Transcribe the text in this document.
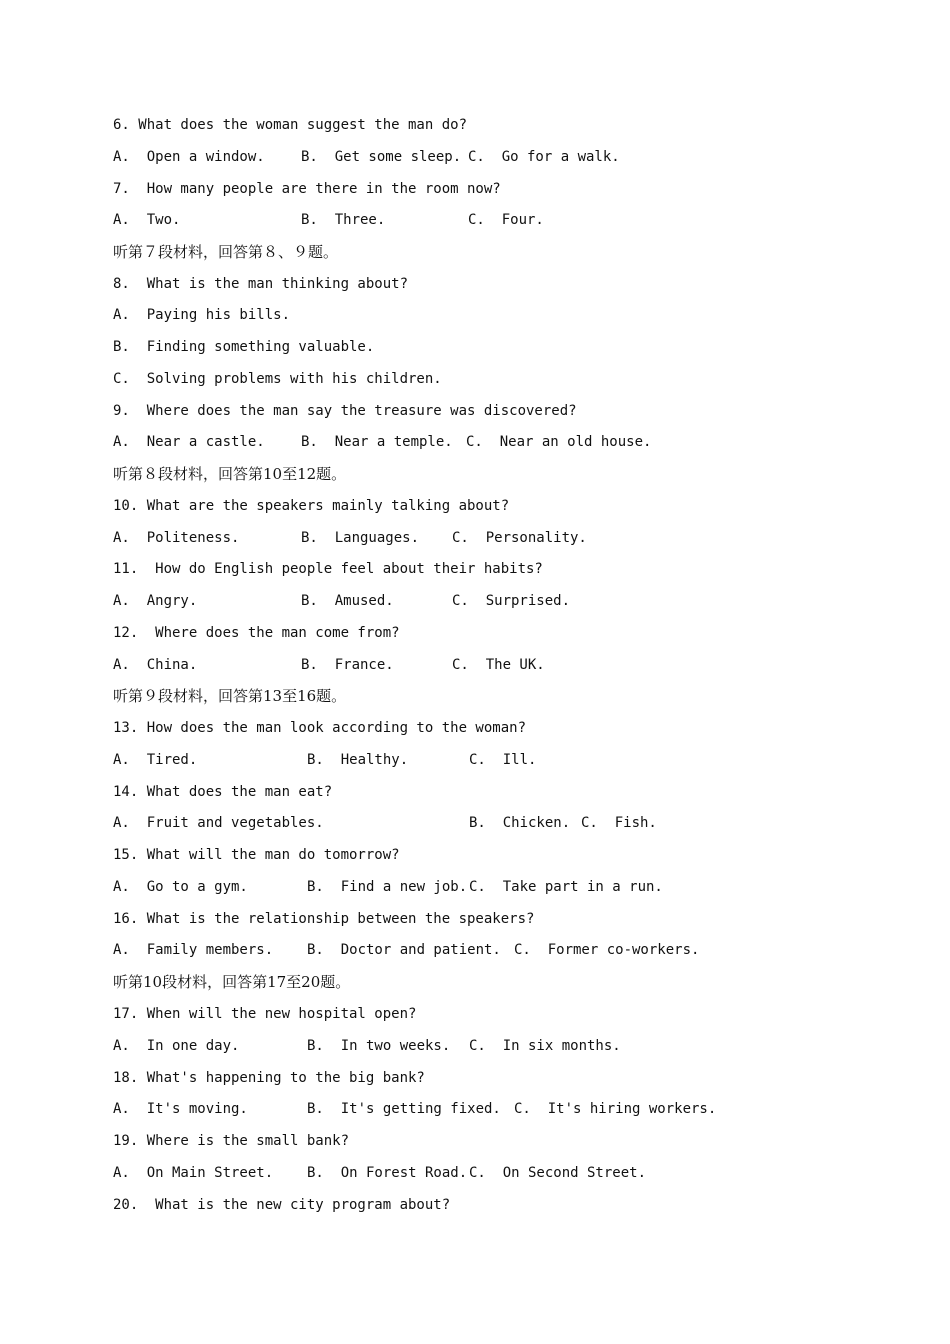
6. What does the woman suggest the man do?

A.  Open a window.

	B.  Get some sleep.

C.  Go for a walk.

7.  How many people are there in the room now?

A.  Two.

	B.  Three.

	C.  Four.

听第７段材料，回答第８、９题。
8.  What is the man thinking about?
A.  Paying his bills.
B.  Finding something valuable.
C.  Solving problems with his children.
9.  Where does the man say the treasure was discovered?

A.  Near a castle.

	B.  Near a temple.

C.  Near an old house.

听第８段材料，回答第10至12题。
10. What are the speakers mainly talking about?

A.  Politeness.

	B.  Languages.

C.  Personality.

11.  How do English people feel about their habits?

A.  Angry.

	B.  Amused.

	C.  Surprised.

12.  Where does the man come from?

A.  China.

	B.  France.

	C.  The UK.

听第９段材料，回答第13至16题。
13. How does the man look according to the woman?

A.  Tired.

	B.  Healthy.

	C.  Ill.

14. What does the man eat?

A.  Fruit and vegetables.

	B.  Chicken.

C.  Fish.

15. What will the man do tomorrow?

A.  Go to a gym.

	B.  Find a new job.

C.  Take part in a run.

16. What is the relationship between the speakers?

A.  Family members.

B.  Doctor and patient.

C.  Former co-workers.

听第10段材料，回答第17至20题。
17. When will the new hospital open?

A.  In one day.

	B.  In two weeks.

C.  In six months.

18. What's happening to the big bank?

A.  It's moving.

	B.  It's getting fixed.

C.  It's hiring workers.

19. Where is the small bank?

A.  On Main Street.

B.  On Forest Road.

C.  On Second Street.

20.  What is the new city program about?
